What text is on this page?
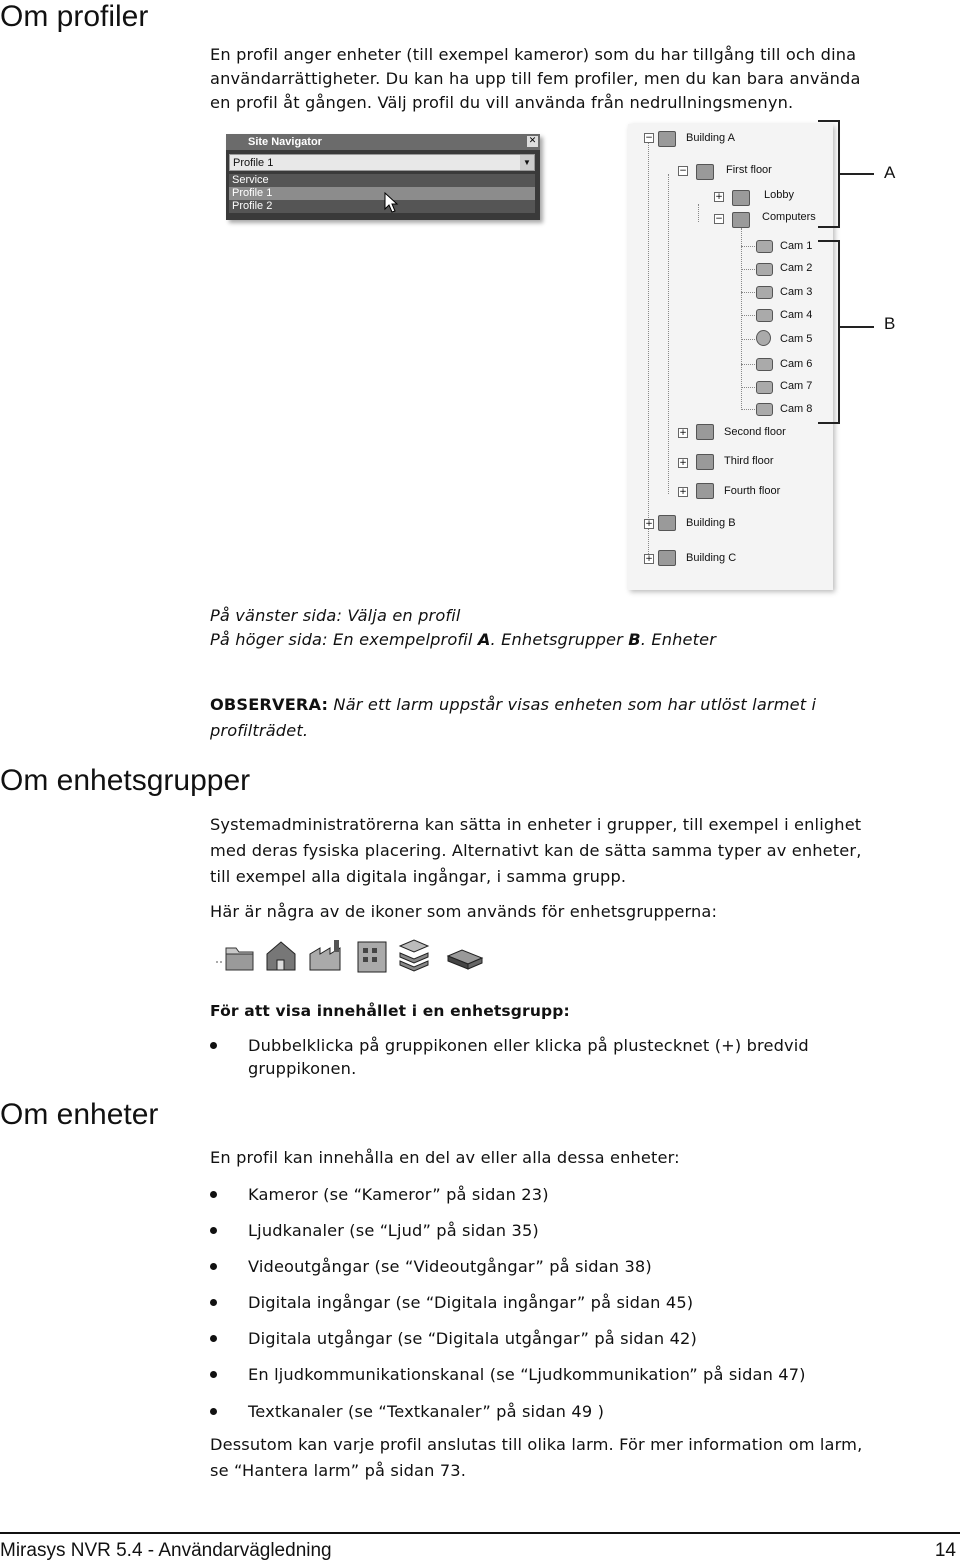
Om profiler
Om enhetsgrupper
Om enheter
En profil anger enheter (till exempel kameror) som du har tillgång till och dina
användarrättigheter. Du kan ha upp till fem profiler, men du kan bara använda
en profil åt gången. Välj profil du vill använda från nedrullningsmenyn.
Site Navigator	✕
Profile 1	▼
Service
Profile 1
Profile 2
−	Building A
−	First floor
+	Lobby
−	Computers
Cam 1
Cam 2
Cam 3
Cam 4
Cam 5
Cam 6
Cam 7
Cam 8
+	Second floor
+	Third floor
+	Fourth floor
+	Building B
+	Building C
A
B
På vänster sida: Välja en profil
På höger sida: En exempelprofil A. Enhetsgrupper B. Enheter
OBSERVERA: När ett larm uppstår visas enheten som har utlöst larmet i
profilträdet.
Systemadministratörerna kan sätta in enheter i grupper, till exempel i enlighet
med deras fysiska placering. Alternativt kan de sätta samma typer av enheter,
till exempel alla digitala ingångar, i samma grupp.
Här är några av de ikoner som används för enhetsgrupperna:
För att visa innehållet i en enhetsgrupp:
Dubbelklicka på gruppikonen eller klicka på plustecknet (+) bredvid
gruppikonen.
En profil kan innehålla en del av eller alla dessa enheter:
Kameror (se “Kameror” på sidan 23)
Ljudkanaler (se “Ljud” på sidan 35)
Videoutgångar (se “Videoutgångar” på sidan 38)
Digitala ingångar (se “Digitala ingångar” på sidan 45)
Digitala utgångar (se “Digitala utgångar” på sidan 42)
En ljudkommunikationskanal (se “Ljudkommunikation” på sidan 47)
Textkanaler (se “Textkanaler” på sidan 49 )
Dessutom kan varje profil anslutas till olika larm. För mer information om larm,
se “Hantera larm” på sidan 73.
Mirasys NVR 5.4 - Användarvägledning	14
